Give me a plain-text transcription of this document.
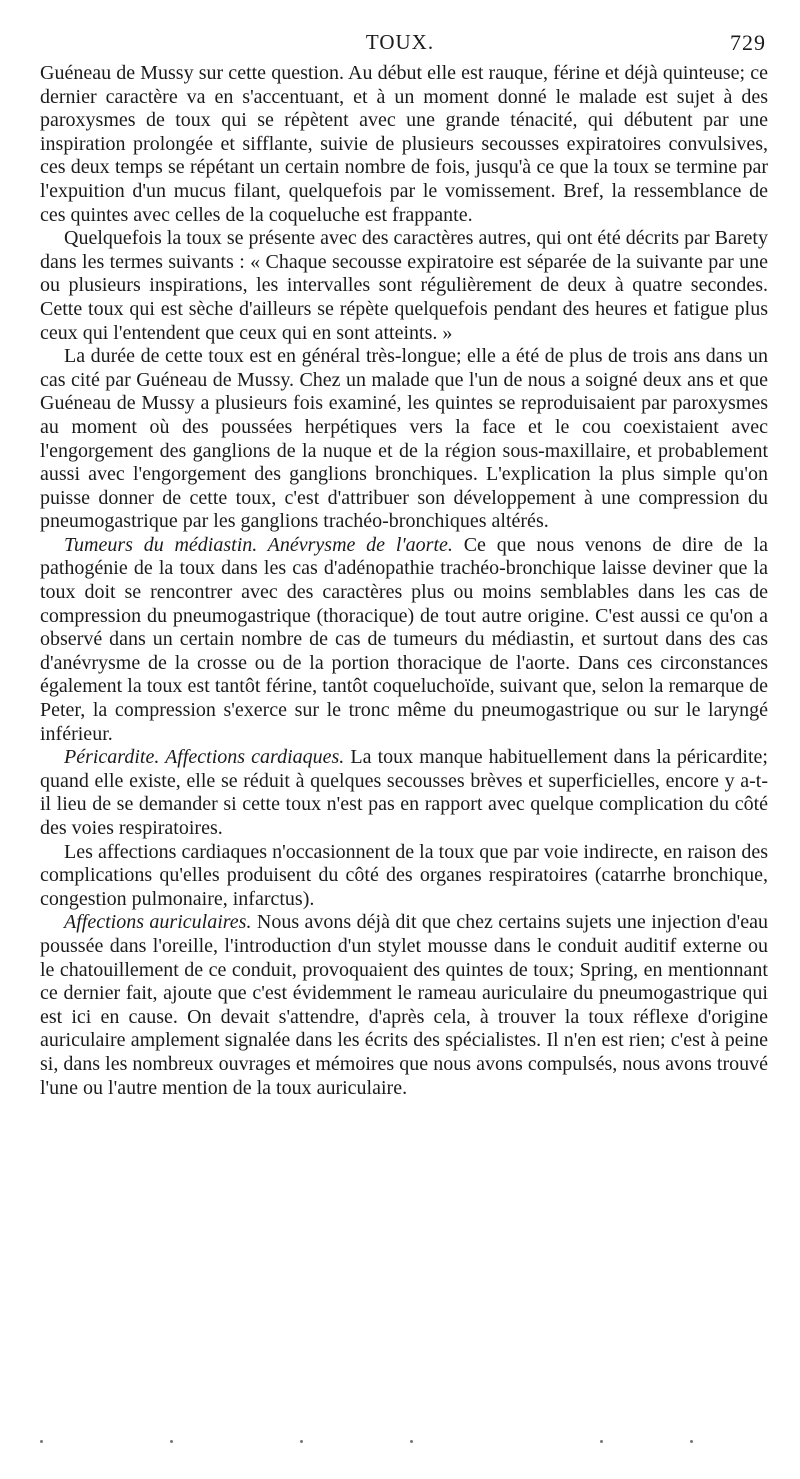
TOUX.	729

Guéneau de Mussy sur cette question. Au début elle est rauque, férine et déjà quinteuse; ce dernier caractère va en s'accentuant, et à un moment donné le malade est sujet à des paroxysmes de toux qui se répètent avec une grande ténacité, qui débutent par une inspiration prolongée et sifflante, suivie de plusieurs secousses expiratoires convulsives, ces deux temps se répétant un certain nombre de fois, jusqu'à ce que la toux se termine par l'expuition d'un mucus filant, quelquefois par le vomissement. Bref, la ressemblance de ces quintes avec celles de la coqueluche est frappante.

Quelquefois la toux se présente avec des caractères autres, qui ont été décrits par Barety dans les termes suivants : « Chaque secousse expiratoire est séparée de la suivante par une ou plusieurs inspirations, les intervalles sont régulièrement de deux à quatre secondes. Cette toux qui est sèche d'ailleurs se répète quelquefois pendant des heures et fatigue plus ceux qui l'entendent que ceux qui en sont atteints. »

La durée de cette toux est en général très-longue; elle a été de plus de trois ans dans un cas cité par Guéneau de Mussy. Chez un malade que l'un de nous a soigné deux ans et que Guéneau de Mussy a plusieurs fois examiné, les quintes se reproduisaient par paroxysmes au moment où des poussées herpétiques vers la face et le cou coexistaient avec l'engorgement des ganglions de la nuque et de la région sous-maxillaire, et probablement aussi avec l'engorgement des ganglions bronchiques. L'explication la plus simple qu'on puisse donner de cette toux, c'est d'attribuer son développement à une compression du pneumogastrique par les ganglions trachéo-bronchiques altérés.

Tumeurs du médiastin. Anévrysme de l'aorte. Ce que nous venons de dire de la pathogénie de la toux dans les cas d'adénopathie trachéo-bronchique laisse deviner que la toux doit se rencontrer avec des caractères plus ou moins semblables dans les cas de compression du pneumogastrique (thoracique) de tout autre origine. C'est aussi ce qu'on a observé dans un certain nombre de cas de tumeurs du médiastin, et surtout dans des cas d'anévrysme de la crosse ou de la portion thoracique de l'aorte. Dans ces circonstances également la toux est tantôt férine, tantôt coqueluchoïde, suivant que, selon la remarque de Peter, la compression s'exerce sur le tronc même du pneumogastrique ou sur le laryngé inférieur.

Péricardite. Affections cardiaques. La toux manque habituellement dans la péricardite; quand elle existe, elle se réduit à quelques secousses brèves et superficielles, encore y a-t-il lieu de se demander si cette toux n'est pas en rapport avec quelque complication du côté des voies respiratoires.

Les affections cardiaques n'occasionnent de la toux que par voie indirecte, en raison des complications qu'elles produisent du côté des organes respiratoires (catarrhe bronchique, congestion pulmonaire, infarctus).

Affections auriculaires. Nous avons déjà dit que chez certains sujets une injection d'eau poussée dans l'oreille, l'introduction d'un stylet mousse dans le conduit auditif externe ou le chatouillement de ce conduit, provoquaient des quintes de toux; Spring, en mentionnant ce dernier fait, ajoute que c'est évidemment le rameau auriculaire du pneumogastrique qui est ici en cause. On devait s'attendre, d'après cela, à trouver la toux réflexe d'origine auriculaire amplement signalée dans les écrits des spécialistes. Il n'en est rien; c'est à peine si, dans les nombreux ouvrages et mémoires que nous avons compulsés, nous avons trouvé l'une ou l'autre mention de la toux auriculaire.
